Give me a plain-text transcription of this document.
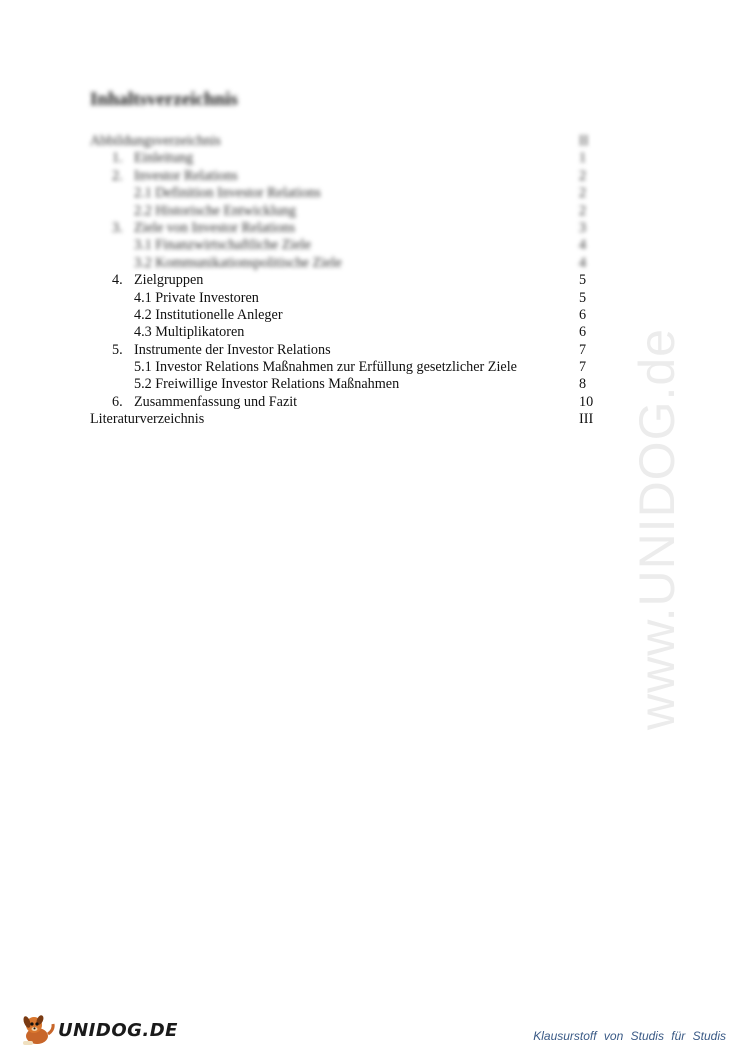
Inhaltsverzeichnis
Abbildungsverzeichnis	II
1. Einleitung	1
2. Investor Relations	2
2.1 Definition Investor Relations	2
2.2 Historische Entwicklung	2
3. Ziele von Investor Relations	3
3.1 Finanzwirtschaftliche Ziele	4
3.2 Kommunikationspolitische Ziele	4
4. Zielgruppen	5
4.1 Private Investoren	5
4.2 Institutionelle Anleger	6
4.3 Multiplikatoren	6
5. Instrumente der Investor Relations	7
5.1 Investor Relations Maßnahmen zur Erfüllung gesetzlicher Ziele	7
5.2 Freiwillige Investor Relations Maßnahmen	8
6. Zusammenfassung und Fazit	10
Literaturverzeichnis	III www.UNIDOG.de
UNIDOG.DE	Klausurstoff von Studis für Studis
